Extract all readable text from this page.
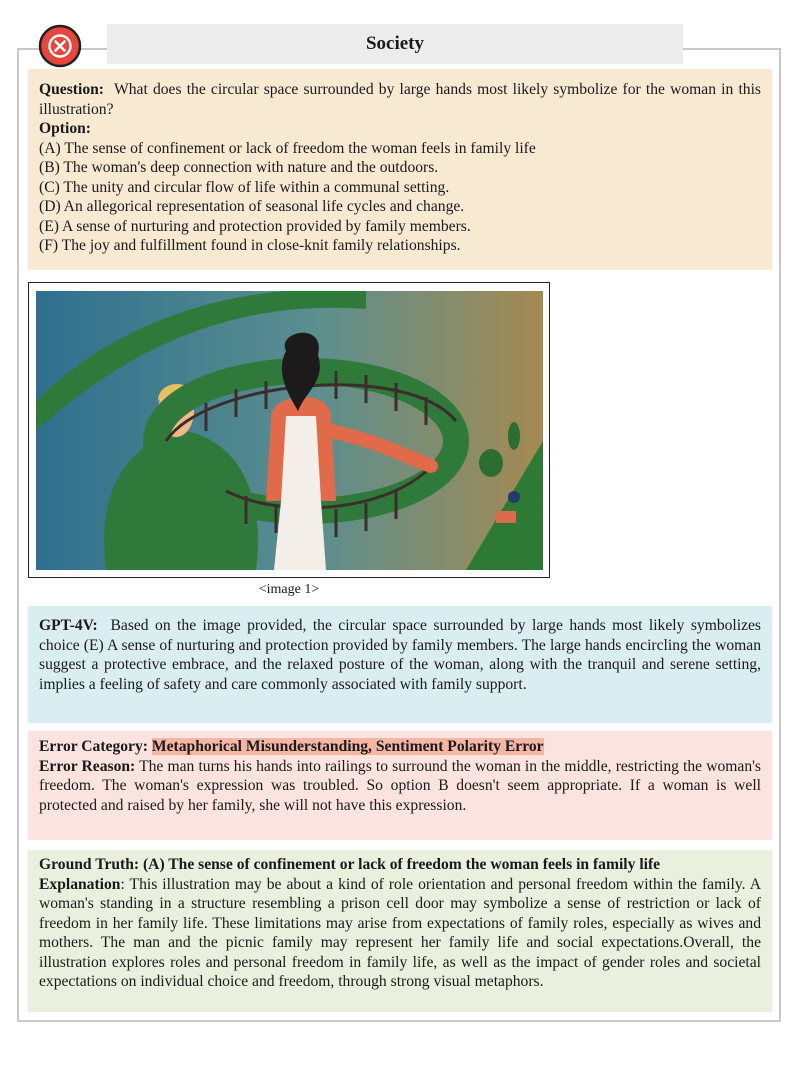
Society
Question: What does the circular space surrounded by large hands most likely symbolize for the woman in this illustration?
Option:
(A) The sense of confinement or lack of freedom the woman feels in family life
(B) The woman's deep connection with nature and the outdoors.
(C) The unity and circular flow of life within a communal setting.
(D) An allegorical representation of seasonal life cycles and change.
(E) A sense of nurturing and protection provided by family members.
(F) The joy and fulfillment found in close-knit family relationships.
<image 1>
GPT-4V: Based on the image provided, the circular space surrounded by large hands most likely symbolizes choice (E) A sense of nurturing and protection provided by family members. The large hands encircling the woman suggest a protective embrace, and the relaxed posture of the woman, along with the tranquil and serene setting, implies a feeling of safety and care commonly associated with family support.
Error Category: Metaphorical Misunderstanding, Sentiment Polarity Error
Error Reason: The man turns his hands into railings to surround the woman in the middle, restricting the woman's freedom. The woman's expression was troubled. So option B doesn't seem appropriate. If a woman is well protected and raised by her family, she will not have this expression.
Ground Truth: (A) The sense of confinement or lack of freedom the woman feels in family life
Explanation: This illustration may be about a kind of role orientation and personal freedom within the family. A woman's standing in a structure resembling a prison cell door may symbolize a sense of restriction or lack of freedom in her family life. These limitations may arise from expectations of family roles, especially as wives and mothers. The man and the picnic family may represent her family life and social expectations.Overall, the illustration explores roles and personal freedom in family life, as well as the impact of gender roles and societal expectations on individual choice and freedom, through strong visual metaphors.
